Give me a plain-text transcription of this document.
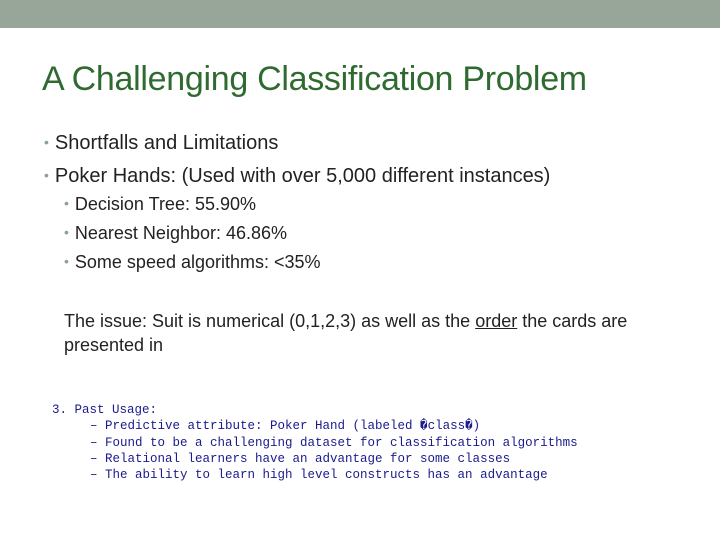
A Challenging Classification Problem
• Shortfalls and Limitations
• Poker Hands: (Used with over 5,000 different instances)
• Decision Tree: 55.90%
• Nearest Neighbor: 46.86%
• Some speed algorithms: <35%
The issue: Suit is numerical (0,1,2,3) as well as the order the cards are presented in
3. Past Usage:
– Predictive attribute: Poker Hand (labeled �class�)
– Found to be a challenging dataset for classification algorithms
– Relational learners have an advantage for some classes
– The ability to learn high level constructs has an advantage
